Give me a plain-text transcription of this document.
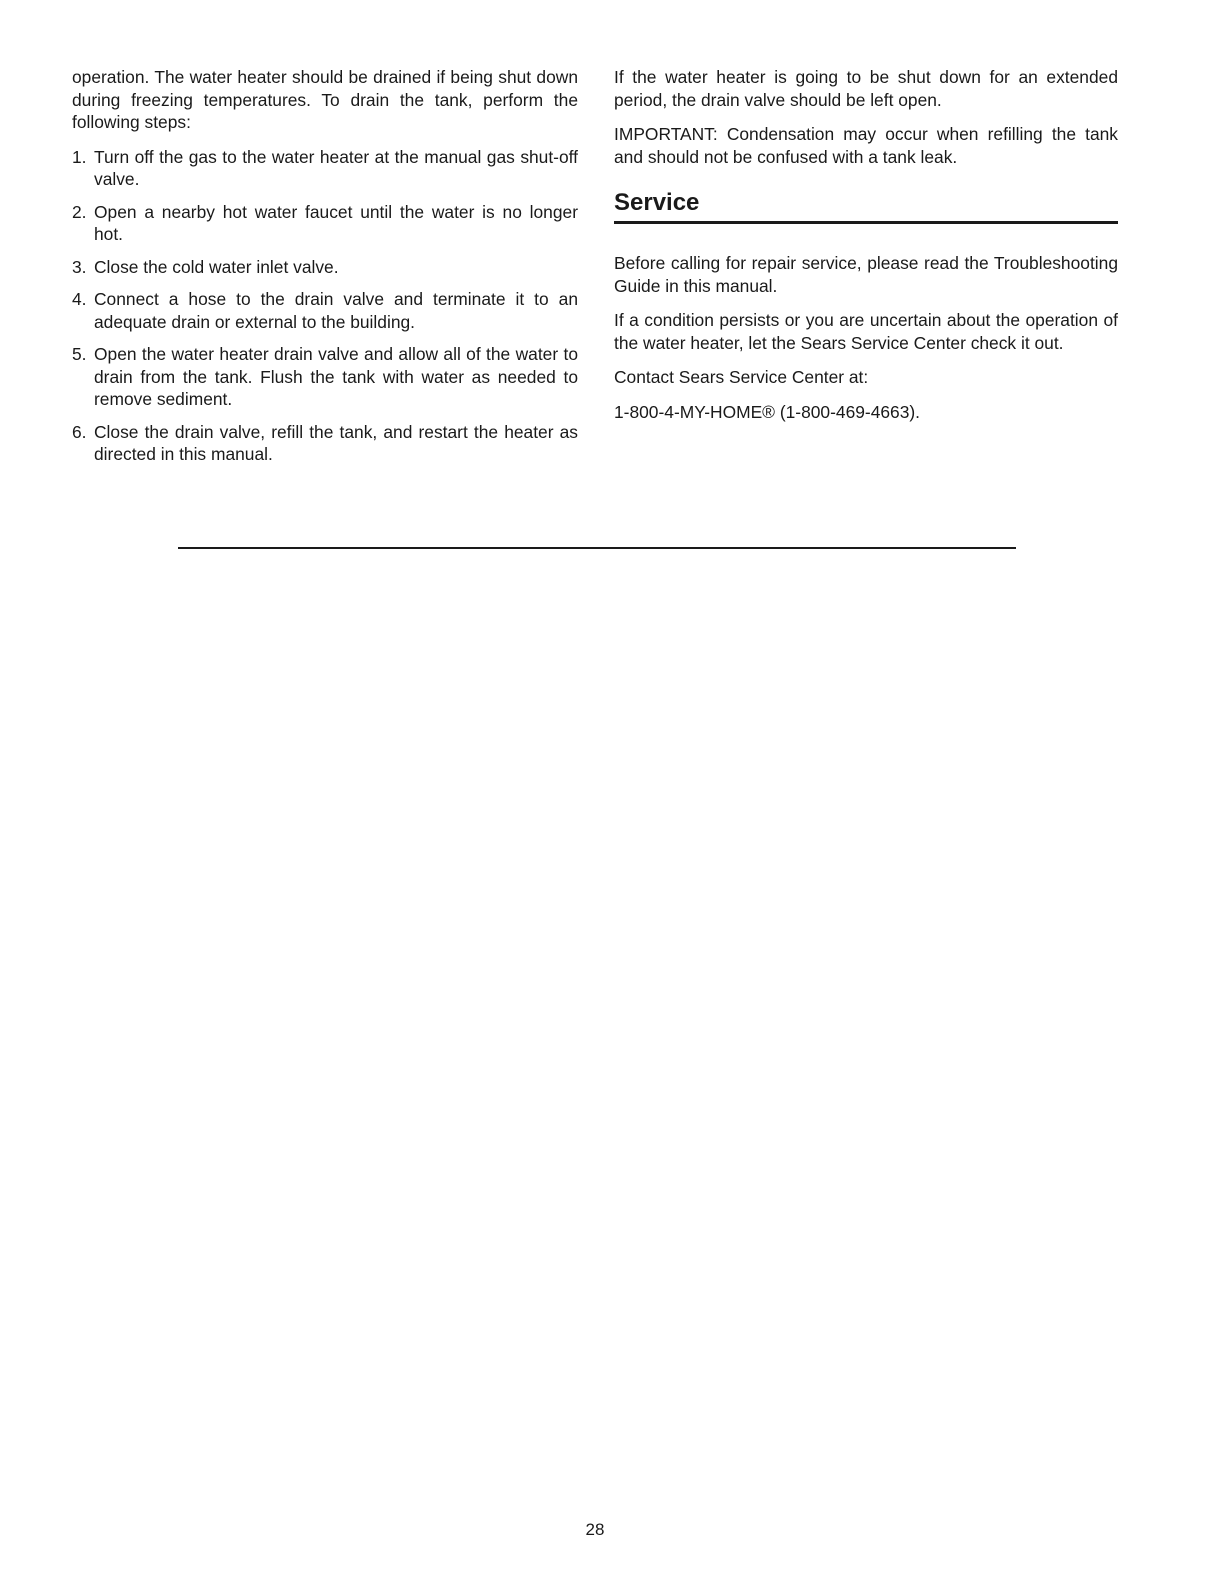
operation. The water heater should be drained if being shut down during freezing temperatures. To drain the tank, perform the following steps:

1. Turn off the gas to the water heater at the manual gas shut-off valve.
2. Open a nearby hot water faucet until the water is no longer hot.
3. Close the cold water inlet valve.
4. Connect a hose to the drain valve and terminate it to an adequate drain or external to the building.
5. Open the water heater drain valve and allow all of the water to drain from the tank. Flush the tank with water as needed to remove sediment.
6. Close the drain valve, refill the tank, and restart the heater as directed in this manual.

If the water heater is going to be shut down for an extended period, the drain valve should be left open.

IMPORTANT: Condensation may occur when refilling the tank and should not be confused with a tank leak.

Service

Before calling for repair service, please read the Troubleshooting Guide in this manual.

If a condition persists or you are uncertain about the operation of the water heater, let the Sears Service Center check it out.

Contact Sears Service Center at:

1-800-4-MY-HOME® (1-800-469-4663).

28
